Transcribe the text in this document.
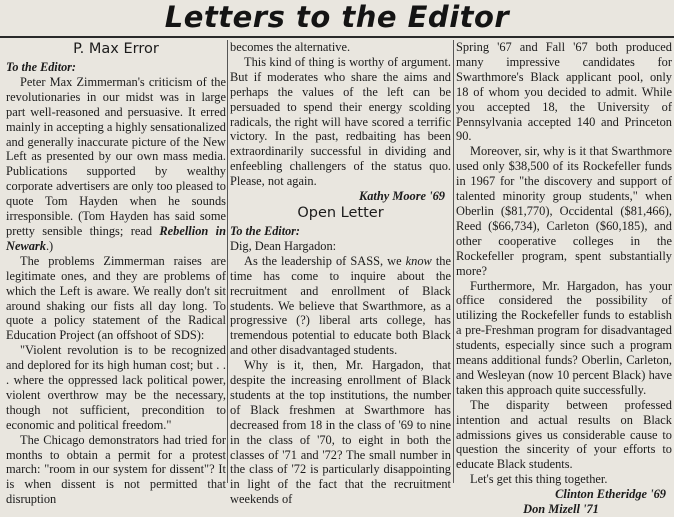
Letters to the Editor
P. Max Error

To the Editor:

Peter Max Zimmerman's criticism of the revolutionaries in our midst was in large part well-reasoned and persuasive. It erred mainly in accepting a highly sensationalized and generally inaccurate picture of the New Left as presented by our own mass media. Publications supported by wealthy corporate advertisers are only too pleased to quote Tom Hayden when he sounds irresponsible. (Tom Hayden has said some pretty sensible things; read Rebellion in Newark.)

The problems Zimmerman raises are legitimate ones, and they are problems of which the Left is aware. We really don't sit around shaking our fists all day long. To quote a policy statement of the Radical Education Project (an offshoot of SDS):

"Violent revolution is to be recognized and deplored for its high human cost; but . . . where the oppressed lack political power, violent overthrow may be the necessary, though not sufficient, precondition to economic and political freedom."

The Chicago demonstrators had tried for months to obtain a permit for a protest march: "room in our system for dissent"? It is when dissent is not permitted that disruption

becomes the alternative.

This kind of thing is worthy of argument. But if moderates who share the aims and perhaps the values of the left can be persuaded to spend their energy scolding radicals, the right will have scored a terrific victory. In the past, redbaiting has been extraordinarily successful in dividing and enfeebling challengers of the status quo. Please, not again.

Kathy Moore '69

Open Letter

To the Editor:

Dig, Dean Hargadon:

As the leadership of SASS, we know the time has come to inquire about the recruitment and enrollment of Black students. We believe that Swarthmore, as a progressive (?) liberal arts college, has tremendous potential to educate both Black and other disadvantaged students.

Why is it, then, Mr. Hargadon, that despite the increasing enrollment of Black students at the top institutions, the number of Black freshmen at Swarthmore has decreased from 18 in the class of '69 to nine in the class of '70, to eight in both the classes of '71 and '72? The small number in the class of '72 is particularly disappointing in light of the fact that the recruitment weekends of

Spring '67 and Fall '67 both produced many impressive candidates for Swarthmore's Black applicant pool, only 18 of whom you decided to admit. While you accepted 18, the University of Pennsylvania accepted 140 and Princeton 90.

Moreover, sir, why is it that Swarthmore used only $38,500 of its Rockefeller funds in 1967 for "the discovery and support of talented minority group students," when Oberlin ($81,770), Occidental ($81,466), Reed ($66,734), Carleton ($60,185), and other cooperative colleges in the Rockefeller program, spent substantially more?

Furthermore, Mr. Hargadon, has your office considered the possibility of utilizing the Rockefeller funds to establish a pre-Freshman program for disadvantaged students, especially since such a program means additional funds? Oberlin, Carleton, and Wesleyan (now 10 percent Black) have taken this approach quite successfully.

The disparity between professed intention and actual results on Black admissions gives us considerable cause to question the sincerity of your efforts to educate Black students.

Let's get this thing together.

Clinton Etheridge '69

Don Mizell '71
